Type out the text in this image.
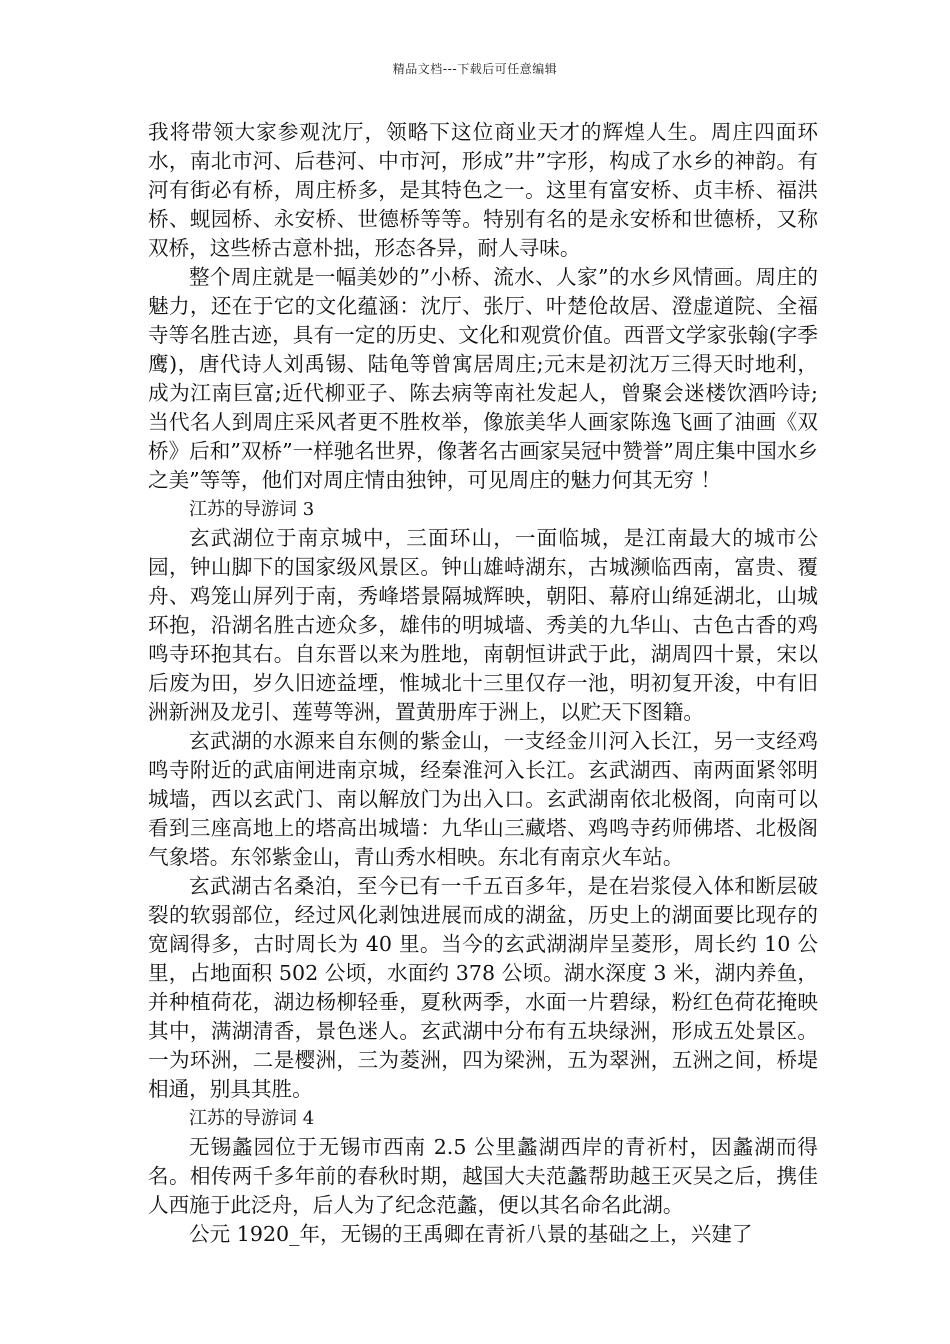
精品文档---下载后可任意编辑

我将带领大家参观沈厅，领略下这位商业天才的辉煌人生。周庄四面环水，南北市河、后巷河、中市河，形成”井”字形，构成了水乡的神韵。有河有街必有桥，周庄桥多，是其特色之一。这里有富安桥、贞丰桥、福洪桥、蚬园桥、永安桥、世德桥等等。特别有名的是永安桥和世德桥，又称双桥，这些桥古意朴拙，形态各异，耐人寻味。

整个周庄就是一幅美妙的”小桥、流水、人家”的水乡风情画。周庄的魅力，还在于它的文化蕴涵：沈厅、张厅、叶楚伧故居、澄虚道院、全福寺等名胜古迹，具有一定的历史、文化和观赏价值。西晋文学家张翰(字季鹰)，唐代诗人刘禹锡、陆龟等曾寓居周庄;元末是初沈万三得天时地利，成为江南巨富;近代柳亚子、陈去病等南社发起人，曾聚会迷楼饮酒吟诗;当代名人到周庄采风者更不胜枚举，像旅美华人画家陈逸飞画了油画《双桥》后和”双桥”一样驰名世界，像著名古画家吴冠中赞誉”周庄集中国水乡之美”等等，他们对周庄情由独钟，可见周庄的魅力何其无穷 ！

江苏的导游词 3

玄武湖位于南京城中，三面环山，一面临城，是江南最大的城市公园，钟山脚下的国家级风景区。钟山雄峙湖东，古城濒临西南，富贵、覆舟、鸡笼山屏列于南，秀峰塔景隔城辉映，朝阳、幕府山绵延湖北，山城环抱，沿湖名胜古迹众多，雄伟的明城墙、秀美的九华山、古色古香的鸡鸣寺环抱其右。自东晋以来为胜地，南朝恒讲武于此，湖周四十景，宋以后废为田，岁久旧迹益堙，惟城北十三里仅存一池，明初复开浚，中有旧洲新洲及龙引、莲萼等洲，置黄册库于洲上，以贮天下图籍。

玄武湖的水源来自东侧的紫金山，一支经金川河入长江，另一支经鸡鸣寺附近的武庙闸进南京城，经秦淮河入长江。玄武湖西、南两面紧邻明城墙，西以玄武门、南以解放门为出入口。玄武湖南依北极阁，向南可以看到三座高地上的塔高出城墙：九华山三藏塔、鸡鸣寺药师佛塔、北极阁气象塔。东邻紫金山，青山秀水相映。东北有南京火车站。

玄武湖古名桑泊，至今已有一千五百多年，是在岩浆侵入体和断层破裂的软弱部位，经过风化剥蚀进展而成的湖盆，历史上的湖面要比现存的宽阔得多，古时周长为 40 里。当今的玄武湖湖岸呈菱形，周长约 10 公里，占地面积 502 公顷，水面约 378 公顷。湖水深度 3 米，湖内养鱼，并种植荷花，湖边杨柳轻垂，夏秋两季，水面一片碧绿，粉红色荷花掩映其中，满湖清香，景色迷人。玄武湖中分布有五块绿洲，形成五处景区。一为环洲，二是樱洲，三为菱洲，四为梁洲，五为翠洲，五洲之间，桥堤相通，别具其胜。

江苏的导游词 4

无锡蠡园位于无锡市西南 2.5 公里蠡湖西岸的青祈村，因蠡湖而得名。相传两千多年前的春秋时期，越国大夫范蠡帮助越王灭吴之后，携佳人西施于此泛舟，后人为了纪念范蠡，便以其名命名此湖。

公元 1920_年，无锡的王禹卿在青祈八景的基础之上，兴建了
